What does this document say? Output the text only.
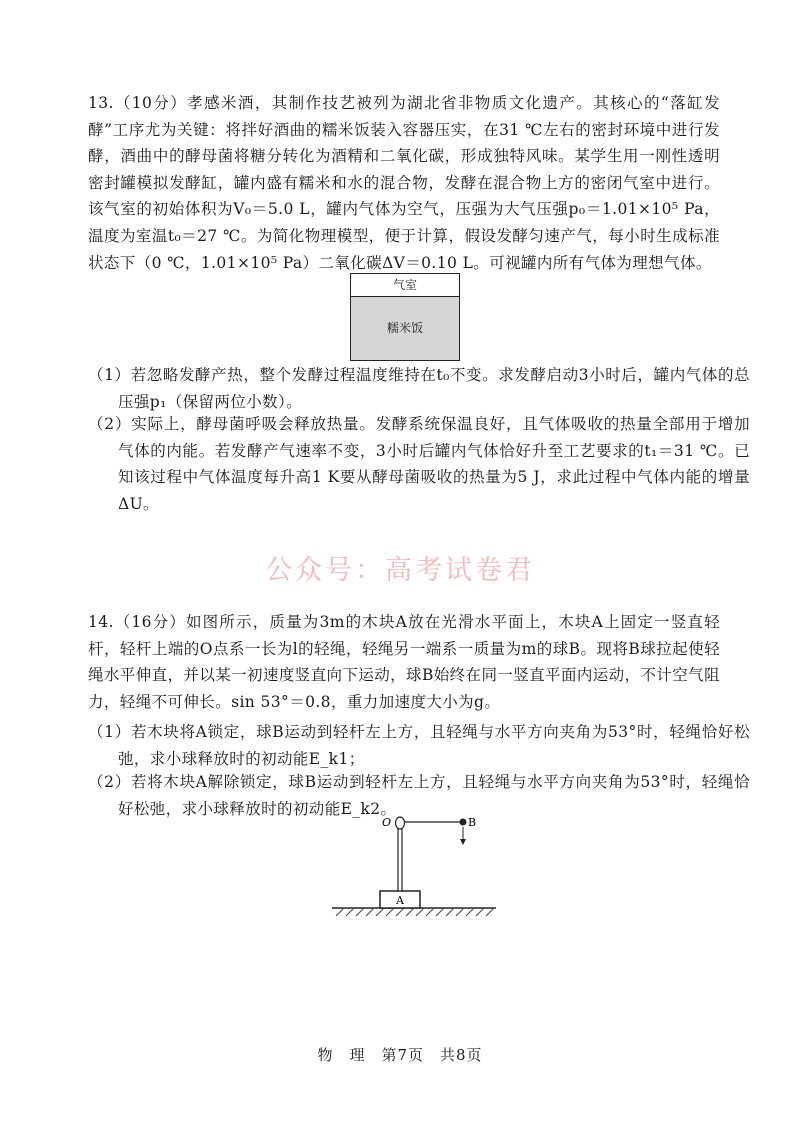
13.（10分）孝感米酒，其制作技艺被列为湖北省非物质文化遗产。其核心的“落缸发酵”工序尤为关键：将拌好酒曲的糯米饭装入容器压实，在31 ℃左右的密封环境中进行发酵，酒曲中的酵母菌将糖分转化为酒精和二氧化碳，形成独特风味。某学生用一刚性透明密封罐模拟发酵缸，罐内盛有糯米和水的混合物，发酵在混合物上方的密闭气室中进行。该气室的初始体积为V₀＝5.0 L，罐内气体为空气，压强为大气压强p₀＝1.01×10⁵ Pa，温度为室温t₀＝27 ℃。为简化物理模型，便于计算，假设发酵匀速产气，每小时生成标准状态下（0 ℃，1.01×10⁵ Pa）二氧化碳ΔV＝0.10 L。可视罐内所有气体为理想气体。

气室
糯米饭

（1）若忽略发酵产热，整个发酵过程温度维持在t₀不变。求发酵启动3小时后，罐内气体的总压强p₁（保留两位小数）。

（2）实际上，酵母菌呼吸会释放热量。发酵系统保温良好，且气体吸收的热量全部用于增加气体的内能。若发酵产气速率不变，3小时后罐内气体恰好升至工艺要求的t₁＝31 ℃。已知该过程中气体温度每升高1 K要从酵母菌吸收的热量为5 J，求此过程中气体内能的增量ΔU。

公众号：高考试卷君

14.（16分）如图所示，质量为3m的木块A放在光滑水平面上，木块A上固定一竖直轻杆，轻杆上端的O点系一长为l的轻绳，轻绳另一端系一质量为m的球B。现将B球拉起使轻绳水平伸直，并以某一初速度竖直向下运动，球B始终在同一竖直平面内运动，不计空气阻力，轻绳不可伸长。sin 53°＝0.8，重力加速度大小为g。

（1）若木块将A锁定，球B运动到轻杆左上方，且轻绳与水平方向夹角为53°时，轻绳恰好松弛，求小球释放时的初动能E_k1；

（2）若将木块A解除锁定，球B运动到轻杆左上方，且轻绳与水平方向夹角为53°时，轻绳恰好松弛，求小球释放时的初动能E_k2。

A
O	B
物　理　第7页　共8页
